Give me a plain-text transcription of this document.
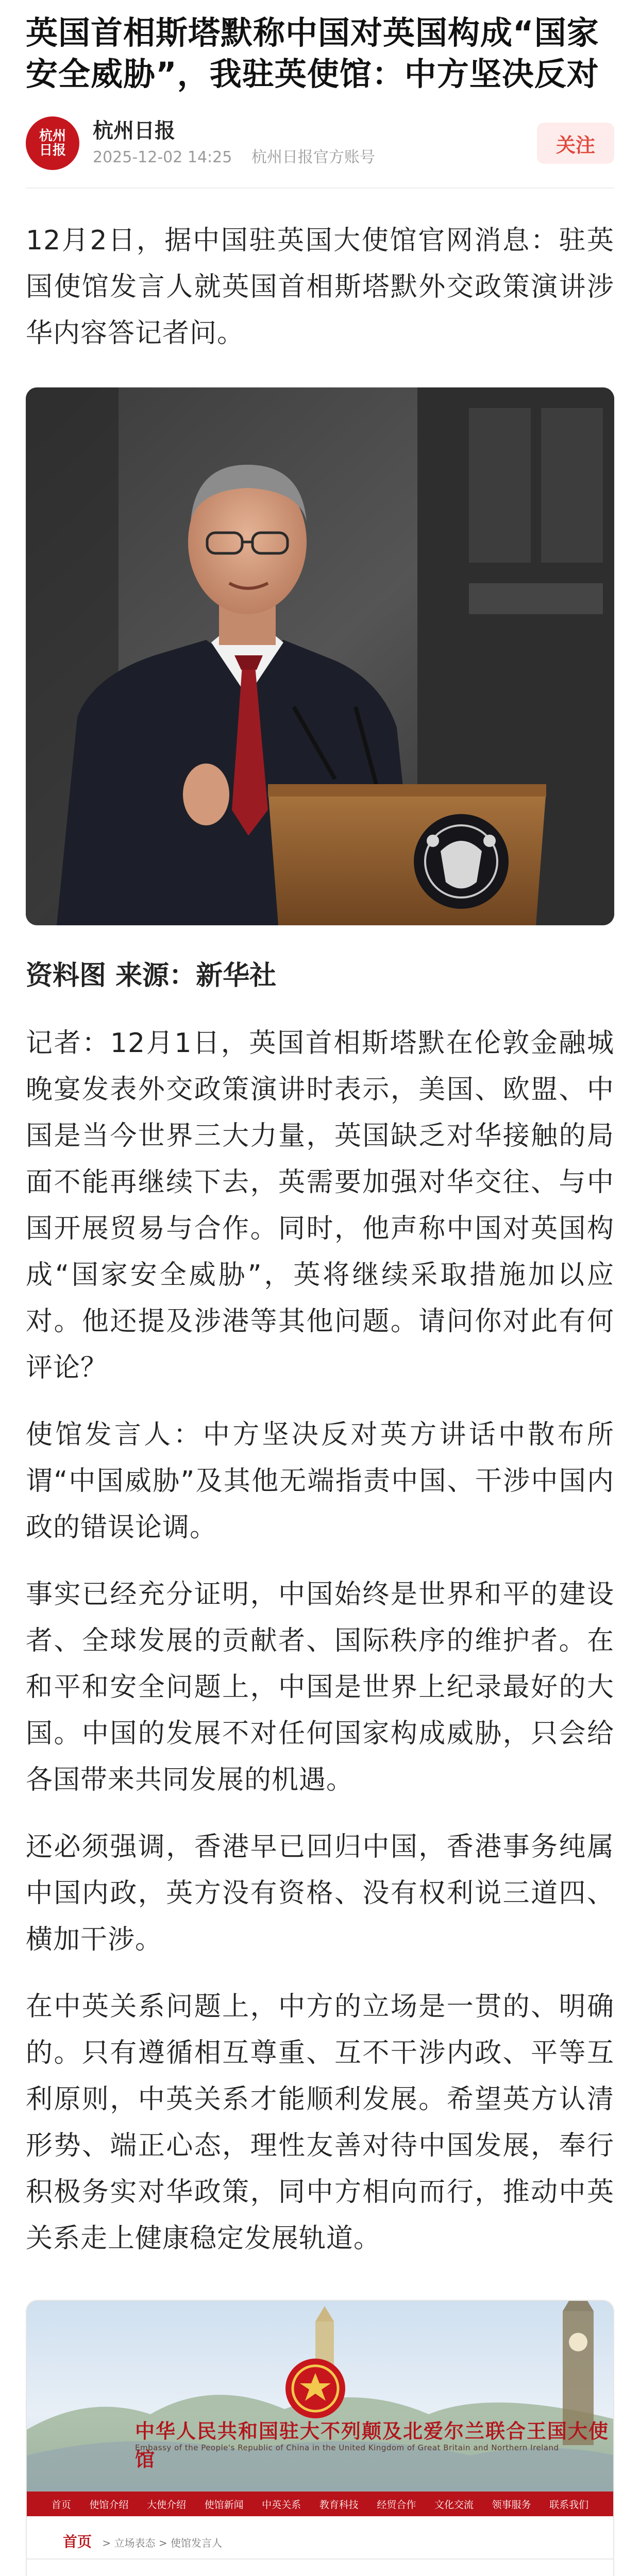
英国首相斯塔默称中国对英国构成“国家安全威胁”，我驻英使馆：中方坚决反对
杭州日报
杭州日报
2025-12-02 14:25 杭州日报官方账号
关注

12月2日，据中国驻英国大使馆官网消息：驻英国使馆发言人就英国首相斯塔默外交政策演讲涉华内容答记者问。

资料图 来源：新华社

记者：12月1日，英国首相斯塔默在伦敦金融城晚宴发表外交政策演讲时表示，美国、欧盟、中国是当今世界三大力量，英国缺乏对华接触的局面不能再继续下去，英需要加强对华交往、与中国开展贸易与合作。同时，他声称中国对英国构成“国家安全威胁”，英将继续采取措施加以应对。他还提及涉港等其他问题。请问你对此有何评论？

使馆发言人：中方坚决反对英方讲话中散布所谓“中国威胁”及其他无端指责中国、干涉中国内政的错误论调。

事实已经充分证明，中国始终是世界和平的建设者、全球发展的贡献者、国际秩序的维护者。在和平和安全问题上，中国是世界上纪录最好的大国。中国的发展不对任何国家构成威胁，只会给各国带来共同发展的机遇。

还必须强调，香港早已回归中国，香港事务纯属中国内政，英方没有资格、没有权利说三道四、横加干涉。

在中英关系问题上，中方的立场是一贯的、明确的。只有遵循相互尊重、互不干涉内政、平等互利原则，中英关系才能顺利发展。希望英方认清形势、端正心态，理性友善对待中国发展，奉行积极务实对华政策，同中方相向而行，推动中英关系走上健康稳定发展轨道。

中华人民共和国驻大不列颠及北爱尔兰联合王国大使馆
Embassy of the People's Republic of China in the United Kingdom of Great Britain and Northern Ireland
首页 使馆介绍 大使介绍 使馆新闻 中英关系 教育科技 经贸合作 文化交流 领事服务 联系我们
首页 > 立场表态 > 使馆发言人
